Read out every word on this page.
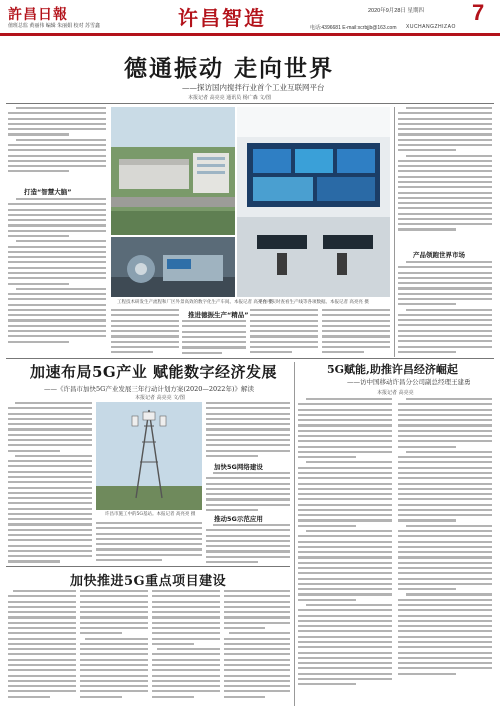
許昌日報
值班总监 黄丽伟 编辑 朱丽娟 校对 苏雪鑫	许昌智造	2020年9月28日 星期四
电话:4396681 E-mail:xcrbjjb@163.com XUCHANGZHIZAO
7
德通振动 走向世界
——探访国内搅拌行业首个工业互联网平台
本报记者 高亮亮 通讯员 杨广森 文/图
打造“智慧大脑”
工程技术研发生产流程和厂区外景高效的数字化生产车间。本报记者 高亮亮 摄
平台可实时查看生产线等各项数据。本报记者 高亮亮 摄
推进德振生产“精品”
产品领跑世界市场
加速布局5G产业 赋能数字经济发展
——《许昌市加快5G产业发展三年行动计划方案(2020—2022年)》解读
本报记者 高亮亮 文/图
许昌市施工中的5G基站。本报记者 高亮亮 摄
加快5G网络建设
推动5G示范应用
5G赋能,助推许昌经济崛起
——访中国移动许昌分公司副总经理王建勇
本报记者 高亮亮
加快推进5G重点项目建设
